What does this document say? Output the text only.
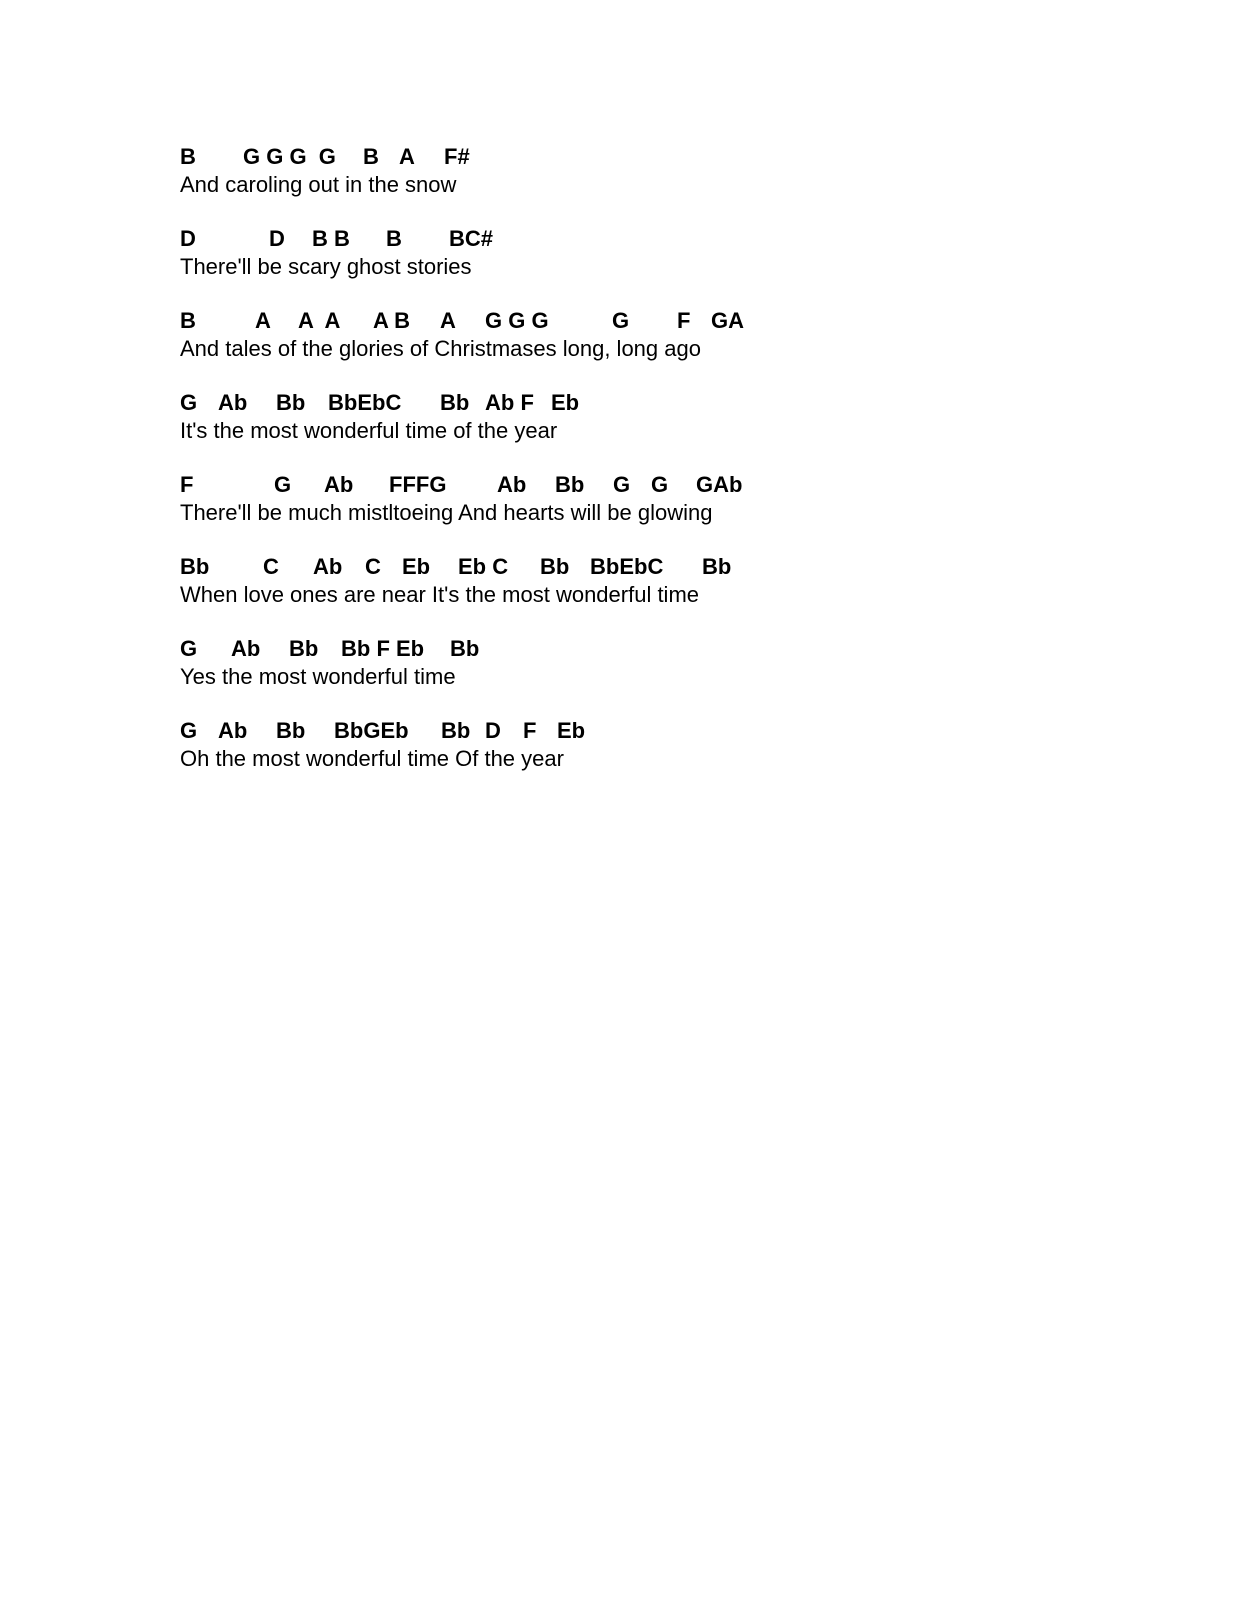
B G G G  G B A F#
And caroling out in the snow
D	D B B B BC#
There'll be scary ghost stories
B	A A  A A B A G G G	G F GA
And tales of the glories of Christmases long, long ago
G Ab Bb BbEbC Bb Ab F Eb
It's the most wonderful time of the year
F	G Ab FFFG Ab Bb G G GAb
There'll be much mistltoeing And hearts will be glowing
Bb C Ab C Eb Eb C Bb BbEbC Bb
When love ones are near It's the most wonderful time
G Ab Bb Bb F Eb Bb
Yes the most wonderful time
G Ab Bb BbGEb Bb D F Eb
Oh the most wonderful time Of the year
